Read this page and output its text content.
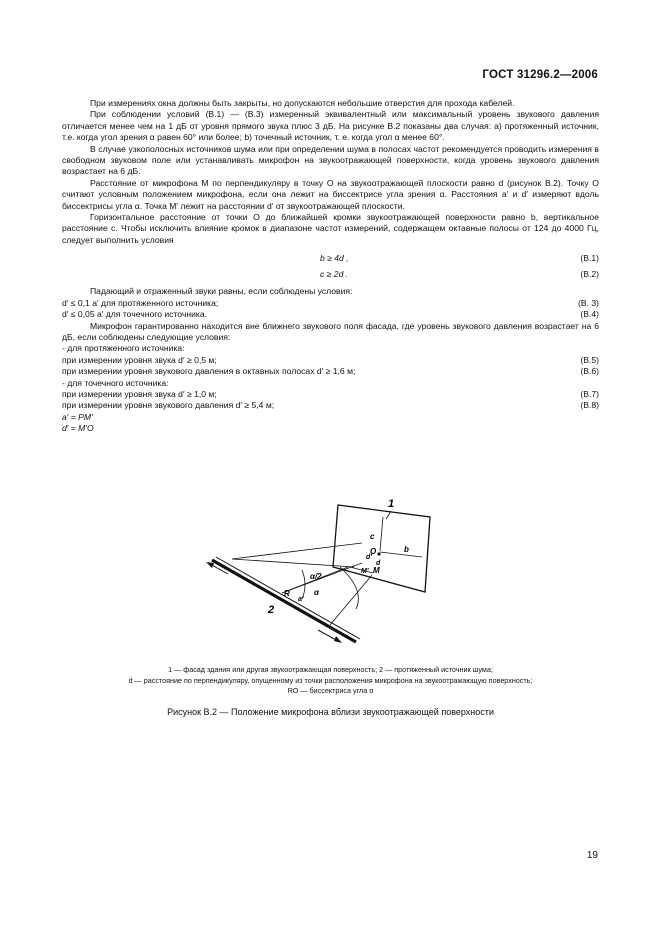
ГОСТ 31296.2—2006

При измерениях окна должны быть закрыты, но допускаются небольшие отверстия для прохода кабелей.

При соблюдении условий (В.1) — (В.3) измеренный эквивалентный или максимальный уровень звукового давления отличается менее чем на 1 дБ от уровня прямого звука плюс 3 дБ. На рисунке В.2 показаны два случая: а) протяженный источник, т.е. когда угол зрения α равен 60° или более; b) точечный источник, т. е. когда угол α менее 60°.

В случае узкополосных источников шума или при определении шума в полосах частот рекомендуется проводить измерения в свободном звуковом поле или устанавливать микрофон на звукоотражающей поверхности, когда уровень звукового давления возрастает на 6 дБ.

Расстояние от микрофона M по перпендикуляру в точку O на звукоотражающей плоскости равно d (рисунок В.2). Точку O считают условным положением микрофона, если она лежит на биссектрисе угла зрения α. Расстояния a′ и d′ измеряют вдоль биссектрисы угла α. Точка M′ лежит на расстоянии d′ от звукоотражающей плоскости.

Горизонтальное расстояние от точки O до ближайшей кромки звукоотражающей поверхности равно b, вертикальное расстояние c. Чтобы исключить влияние кромок в диапазоне частот измерений, содержащем октавные полосы от 124 до 4000 Гц, следует выполнить условия

b ≥ 4d ,	(В.1)
c ≥ 2d .	(В.2)

Падающий и отраженный звуки равны, если соблюдены условия:

d′ ≤ 0,1 a′ для протяженного источника;	(В. 3)
d′ ≤ 0,05 a′ для точечного источника.	(В.4)

Микрофон гарантированно находится вне ближнего звукового поля фасада, где уровень звукового давления возрастает на 6 дБ, если соблюдены следующие условия:

- для протяженного источника:

при измерении уровня звука d′ ≥ 0,5 м;	(В.5)
при измерении уровня звукового давления в октавных полосах d′ ≥ 1,6 м;	(В.6)

- для точечного источника:

при измерении уровня звука d′ ≥ 1,0 м;	(В.7)
при измерении уровня звукового давления d′ ≥ 5,4 м;	(В.8)

a′ = PM′

d′ = M′O

1
2
c
b
O
d′
d
M′ M
α/2
R	α
a′
1 — фасад здания или другая звукоотражающая поверхность; 2 — протяженный источник шума;
d — расстояние по перпендикуляру, опущенному из точки расположения микрофона на звукоотражающую поверхность;
RO — биссектриса угла α
Рисунок В.2 — Положение микрофона вблизи звукоотражающей поверхности
19
